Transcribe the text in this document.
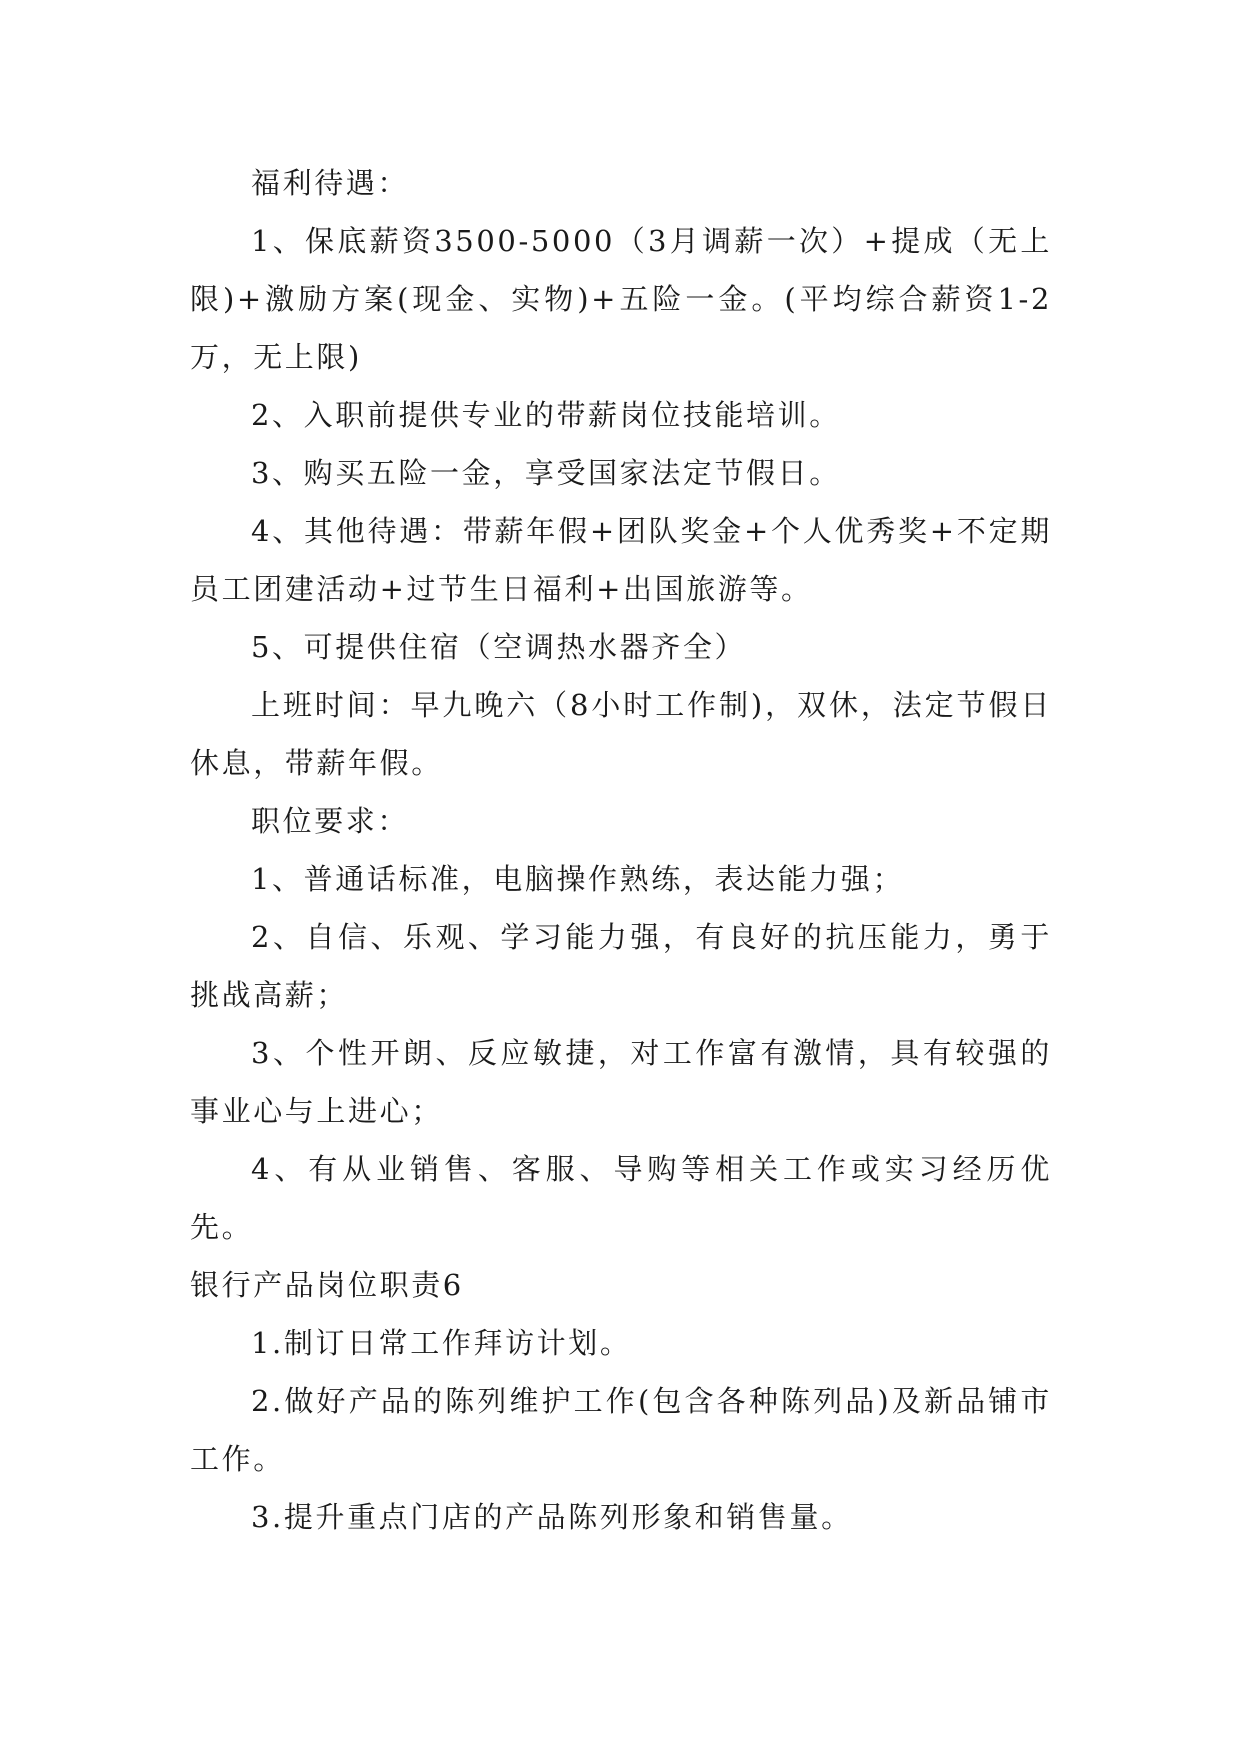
福利待遇：

1、保底薪资3500-5000（3月调薪一次）+提成（无上限)+激励方案(现金、实物)+五险一金。(平均综合薪资1-2万，无上限)

2、入职前提供专业的带薪岗位技能培训。

3、购买五险一金，享受国家法定节假日。

4、其他待遇：带薪年假+团队奖金+个人优秀奖+不定期员工团建活动+过节生日福利+出国旅游等。

5、可提供住宿（空调热水器齐全）

上班时间：早九晚六（8小时工作制)，双休，法定节假日休息，带薪年假。

职位要求：

1、普通话标准，电脑操作熟练，表达能力强；

2、自信、乐观、学习能力强，有良好的抗压能力，勇于挑战高薪；

3、个性开朗、反应敏捷，对工作富有激情，具有较强的事业心与上进心；

4、有从业销售、客服、导购等相关工作或实习经历优先。

银行产品岗位职责6

1.制订日常工作拜访计划。

2.做好产品的陈列维护工作(包含各种陈列品)及新品铺市工作。

3.提升重点门店的产品陈列形象和销售量。
